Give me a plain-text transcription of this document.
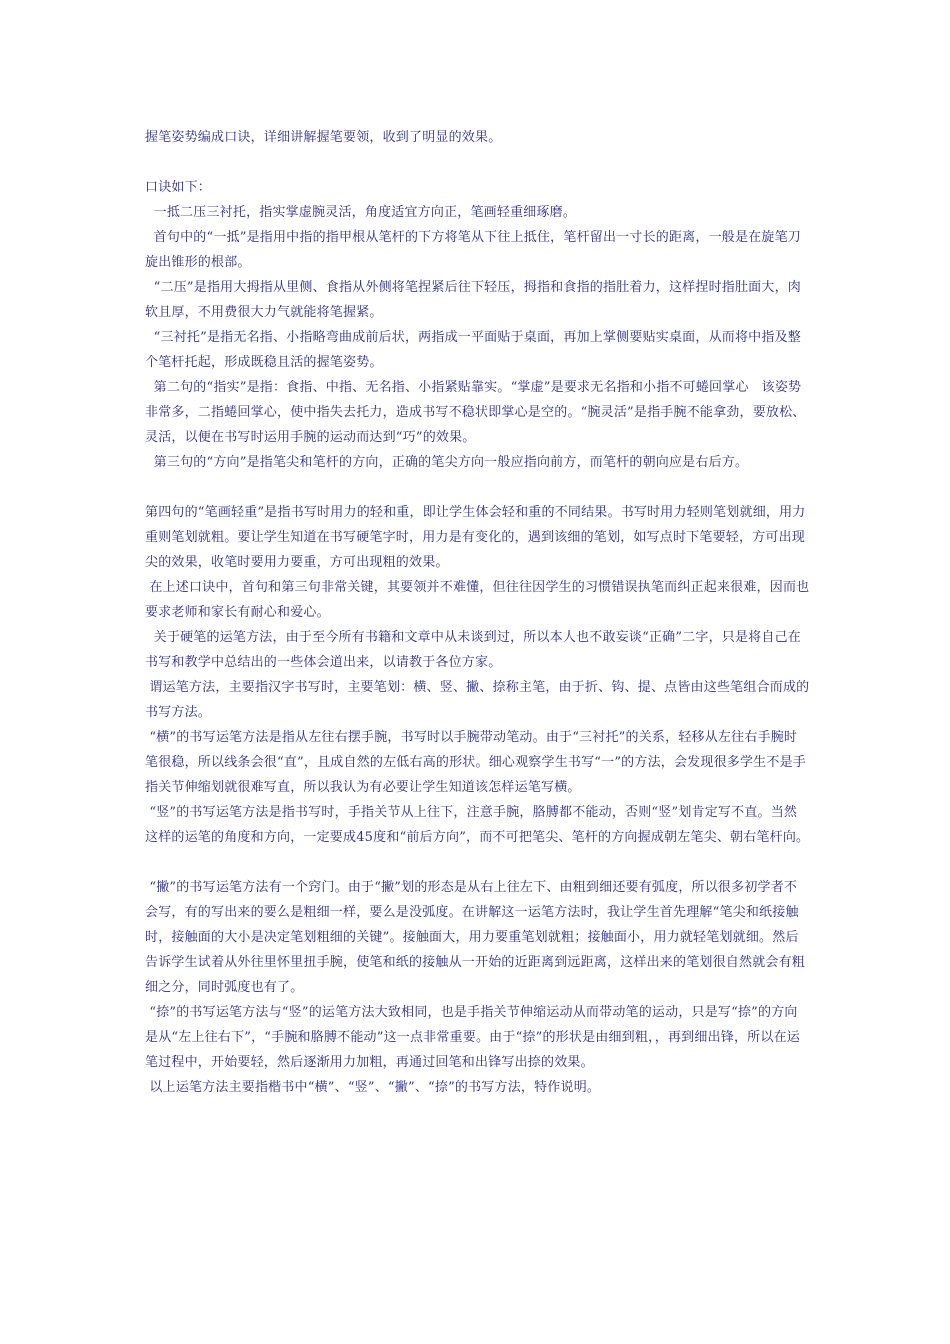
握笔姿势编成口诀，详细讲解握笔要领，收到了明显的效果。

口诀如下：

一抵二压三衬托，指实掌虚腕灵活，角度适宜方向正，笔画轻重细琢磨。

首句中的“一抵”是指用中指的指甲根从笔杆的下方将笔从下往上抵住，笔杆留出一寸长的距离，一般是在旋笔刀旋出锥形的根部。

“二压”是指用大拇指从里侧、食指从外侧将笔捏紧后往下轻压，拇指和食指的指肚着力，这样捏时指肚面大，肉软且厚，不用费很大力气就能将笔握紧。

“三衬托”是指无名指、小指略弯曲成前后状，两指成一平面贴于桌面，再加上掌侧要贴实桌面，从而将中指及整个笔杆托起，形成既稳且活的握笔姿势。

第二句的“指实”是指：食指、中指、无名指、小指紧贴靠实。“掌虚”是要求无名指和小指不可蜷回掌心   该姿势非常多，二指蜷回掌心，使中指失去托力，造成书写不稳状即掌心是空的。“腕灵活”是指手腕不能拿劲，要放松、灵活，以便在书写时运用手腕的运动而达到“巧”的效果。

第三句的“方向”是指笔尖和笔杆的方向，正确的笔尖方向一般应指向前方，而笔杆的朝向应是右后方。

第四句的“笔画轻重”是指书写时用力的轻和重，即让学生体会轻和重的不同结果。书写时用力轻则笔划就细，用力重则笔划就粗。要让学生知道在书写硬笔字时，用力是有变化的，遇到该细的笔划，如写点时下笔要轻，方可出现尖的效果，收笔时要用力要重，方可出现粗的效果。

在上述口诀中，首句和第三句非常关键，其要领并不难懂，但往往因学生的习惯错误执笔而纠正起来很难，因而也要求老师和家长有耐心和爱心。

关于硬笔的运笔方法，由于至今所有书籍和文章中从未谈到过，所以本人也不敢妄谈“正确”二字，只是将自己在书写和教学中总结出的一些体会道出来，以请教于各位方家。

谓运笔方法，主要指汉字书写时，主要笔划：横、竖、撇、捺称主笔，由于折、钩、提、点皆由这些笔组合而成的书写方法。

“横”的书写运笔方法是指从左往右摆手腕，书写时以手腕带动笔动。由于“三衬托”的关系，轻移从左往右手腕时笔很稳，所以线条会很“直”，且成自然的左低右高的形状。细心观察学生书写“一”的方法，会发现很多学生不是手指关节伸缩划就很难写直，所以我认为有必要让学生知道该怎样运笔写横。

“竖”的书写运笔方法是指书写时，手指关节从上往下，注意手腕，胳膊都不能动，否则“竖”划肯定写不直。当然这样的运笔的角度和方向，一定要成45度和“前后方向”，而不可把笔尖、笔杆的方向握成朝左笔尖、朝右笔杆向。

“撇”的书写运笔方法有一个窍门。由于“撇”划的形态是从右上往左下、由粗到细还要有弧度，所以很多初学者不会写，有的写出来的要么是粗细一样，要么是没弧度。在讲解这一运笔方法时，我让学生首先理解“笔尖和纸接触时，接触面的大小是决定笔划粗细的关键”。接触面大，用力要重笔划就粗；接触面小，用力就轻笔划就细。然后告诉学生试着从外往里怀里扭手腕，使笔和纸的接触从一开始的近距离到远距离，这样出来的笔划很自然就会有粗细之分，同时弧度也有了。

“捺”的书写运笔方法与“竖”的运笔方法大致相同，也是手指关节伸缩运动从而带动笔的运动，只是写“捺”的方向是从“左上往右下”，“手腕和胳膊不能动”这一点非常重要。由于“捺”的形状是由细到粗，，再到细出锋，所以在运笔过程中，开始要轻，然后逐渐用力加粗，再通过回笔和出锋写出捺的效果。

以上运笔方法主要指楷书中“横”、“竖”、“撇”、“捺”的书写方法，特作说明。
